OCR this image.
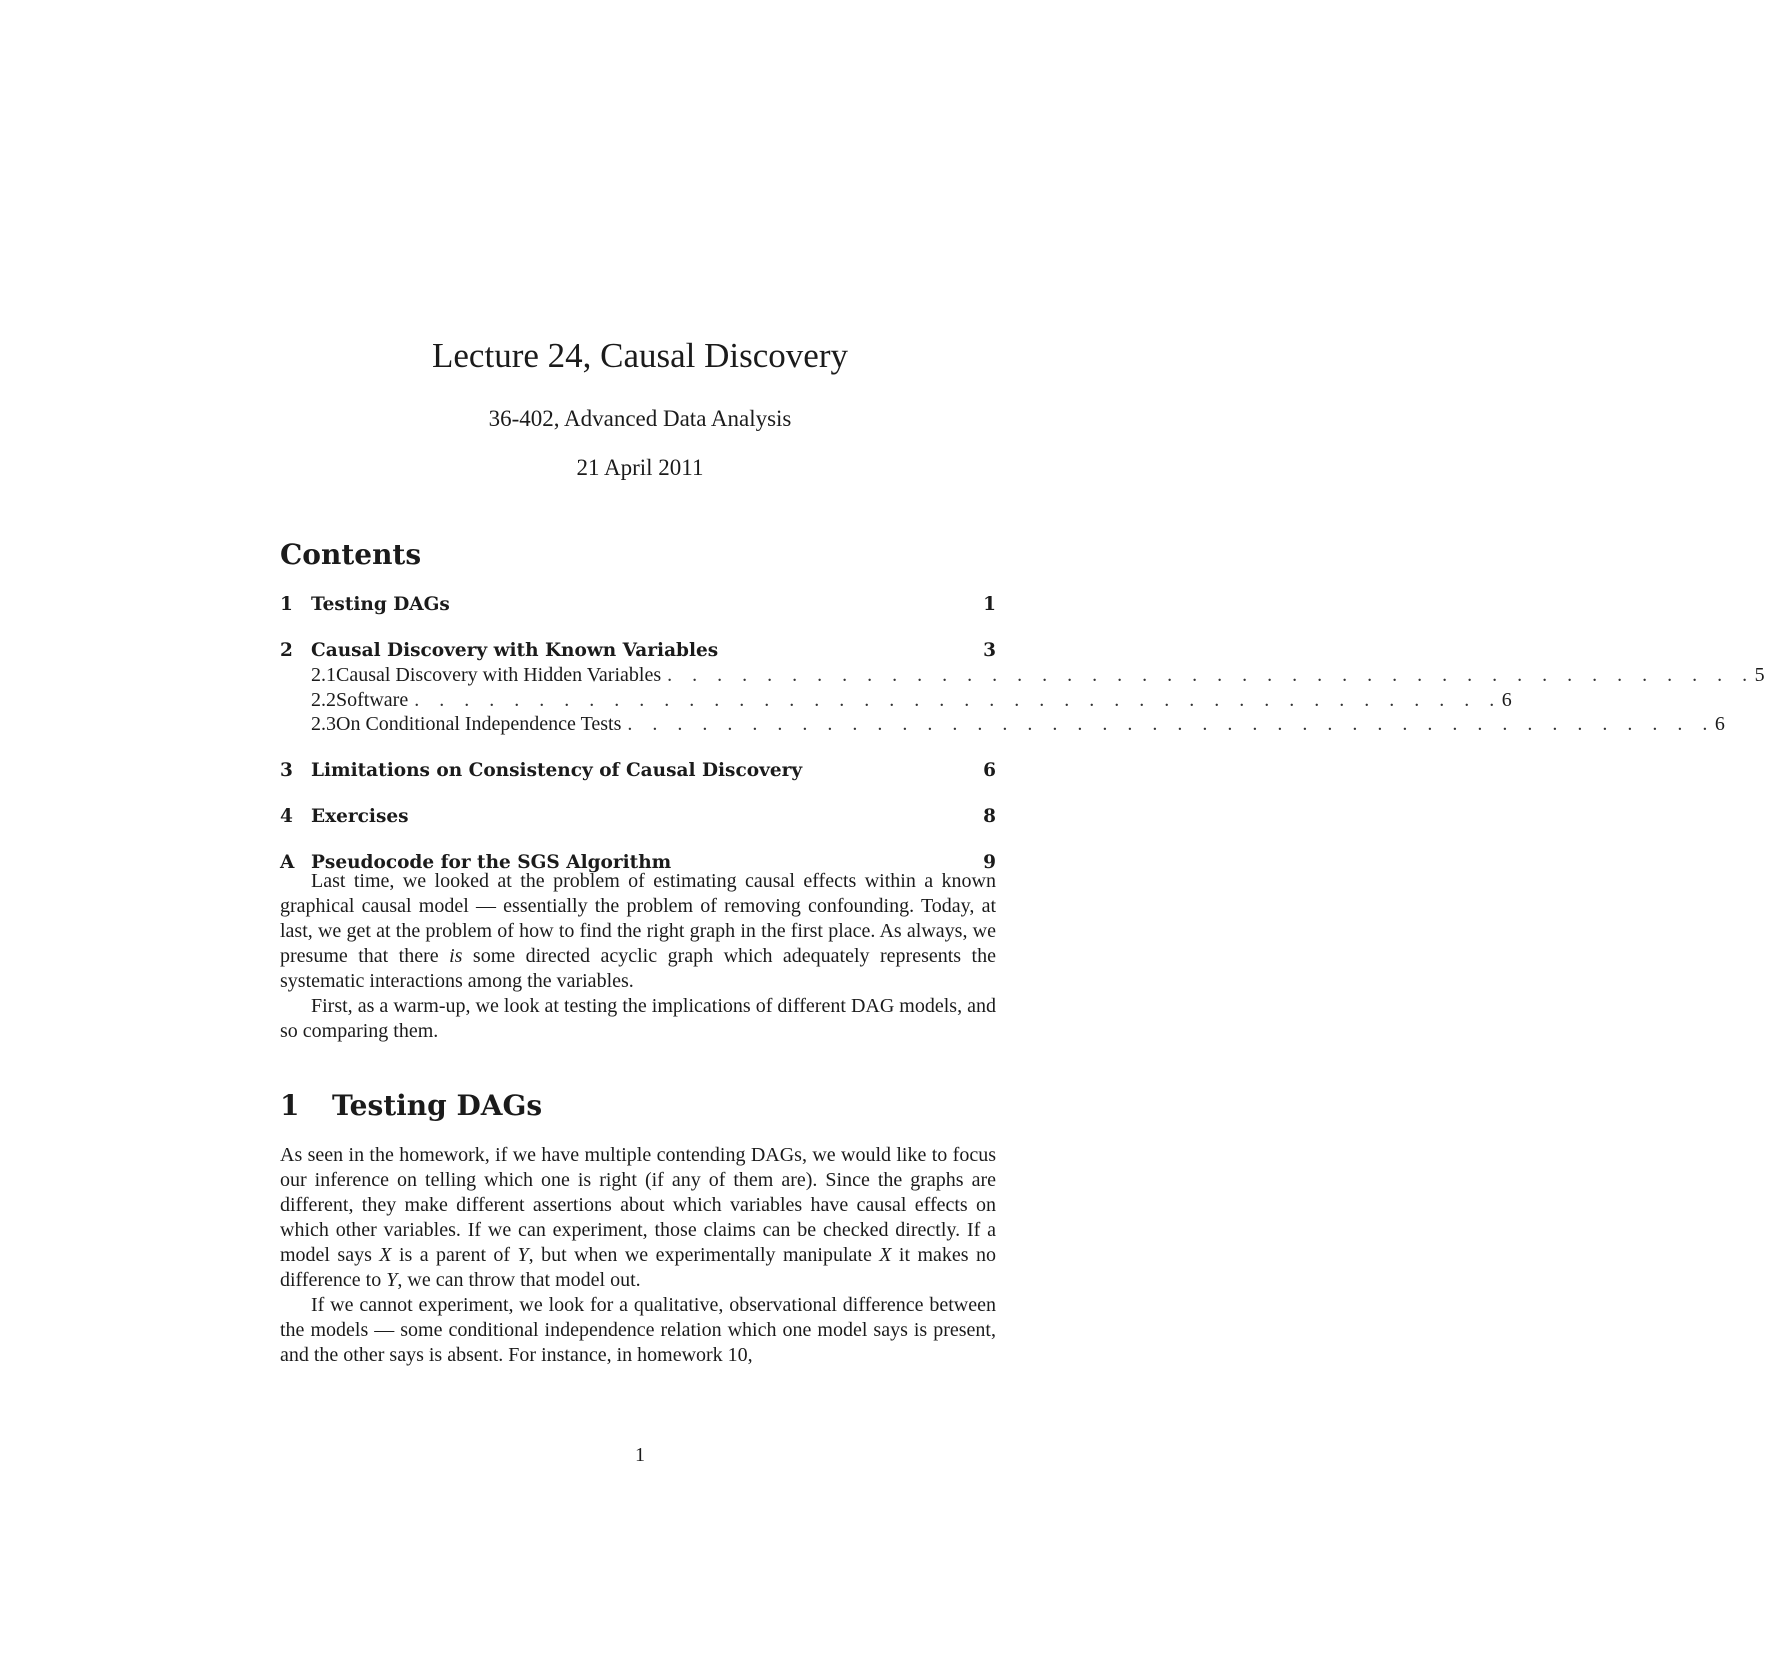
Lecture 24, Causal Discovery
36-402, Advanced Data Analysis
21 April 2011
Contents
1 Testing DAGs	1
2 Causal Discovery with Known Variables	3
2.1 Causal Discovery with Hidden Variables . . . . . . . . . . . . . . . . . . . . . . . . . . . . . . . . . . . . . . . . . . . . 5
2.2 Software . . . . . . . . . . . . . . . . . . . . . . . . . . . . . . . . . . . . . . . . . . . . 6
2.3 On Conditional Independence Tests . . . . . . . . . . . . . . . . . . . . . . . . . . . . . . . . . . . . . . . . . . . . 6
3 Limitations on Consistency of Causal Discovery	6
4 Exercises	8
A Pseudocode for the SGS Algorithm	9

Last time, we looked at the problem of estimating causal effects within a known graphical causal model — essentially the problem of removing confounding. Today, at last, we get at the problem of how to find the right graph in the first place. As always, we presume that there is some directed acyclic graph which adequately represents the systematic interactions among the variables.

First, as a warm-up, we look at testing the implications of different DAG models, and so comparing them.

1 Testing DAGs

As seen in the homework, if we have multiple contending DAGs, we would like to focus our inference on telling which one is right (if any of them are). Since the graphs are different, they make different assertions about which variables have causal effects on which other variables. If we can experiment, those claims can be checked directly. If a model says X is a parent of Y, but when we experimentally manipulate X it makes no difference to Y, we can throw that model out.

If we cannot experiment, we look for a qualitative, observational difference between the models — some conditional independence relation which one model says is present, and the other says is absent. For instance, in homework 10,

1
